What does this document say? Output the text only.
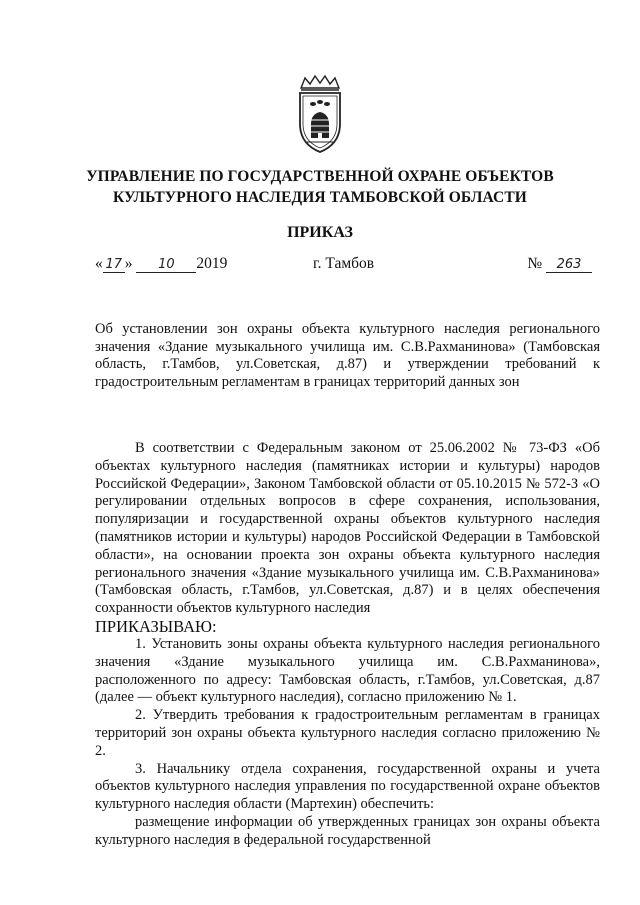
УПРАВЛЕНИЕ ПО ГОСУДАРСТВЕННОЙ ОХРАНЕ ОБЪЕКТОВ
КУЛЬТУРНОГО НАСЛЕДИЯ ТАМБОВСКОЙ ОБЛАСТИ
ПРИКАЗ
« 17 » 10 2019	г. Тамбов	№ 263
Об установлении зон охраны объекта культурного наследия регионального значения «Здание музыкального училища им. С.В.Рахманинова» (Тамбовская область, г.Тамбов, ул.Советская, д.87) и утверждении требований к градостроительным регламентам в границах территорий данных зон

В соответствии с Федеральным законом от 25.06.2002 № 73-ФЗ «Об объектах культурного наследия (памятниках истории и культуры) народов Российской Федерации», Законом Тамбовской области от 05.10.2015 № 572-З «О регулировании отдельных вопросов в сфере сохранения, использования, популяризации и государственной охраны объектов культурного наследия (памятников истории и культуры) народов Российской Федерации в Тамбовской области», на основании проекта зон охраны объекта культурного наследия регионального значения «Здание музыкального училища им. С.В.Рахманинова» (Тамбовская область, г.Тамбов, ул.Советская, д.87) и в целях обеспечения сохранности объектов культурного наследия

ПРИКАЗЫВАЮ:

1. Установить зоны охраны объекта культурного наследия регионального значения «Здание музыкального училища им. С.В.Рахманинова», расположенного по адресу: Тамбовская область, г.Тамбов, ул.Советская, д.87 (далее — объект культурного наследия), согласно приложению № 1.

2. Утвердить требования к градостроительным регламентам в границах территорий зон охраны объекта культурного наследия согласно приложению № 2.

3. Начальнику отдела сохранения, государственной охраны и учета объектов культурного наследия управления по государственной охране объектов культурного наследия области (Мартехин) обеспечить:

размещение информации об утвержденных границах зон охраны объекта культурного наследия в федеральной государственной
